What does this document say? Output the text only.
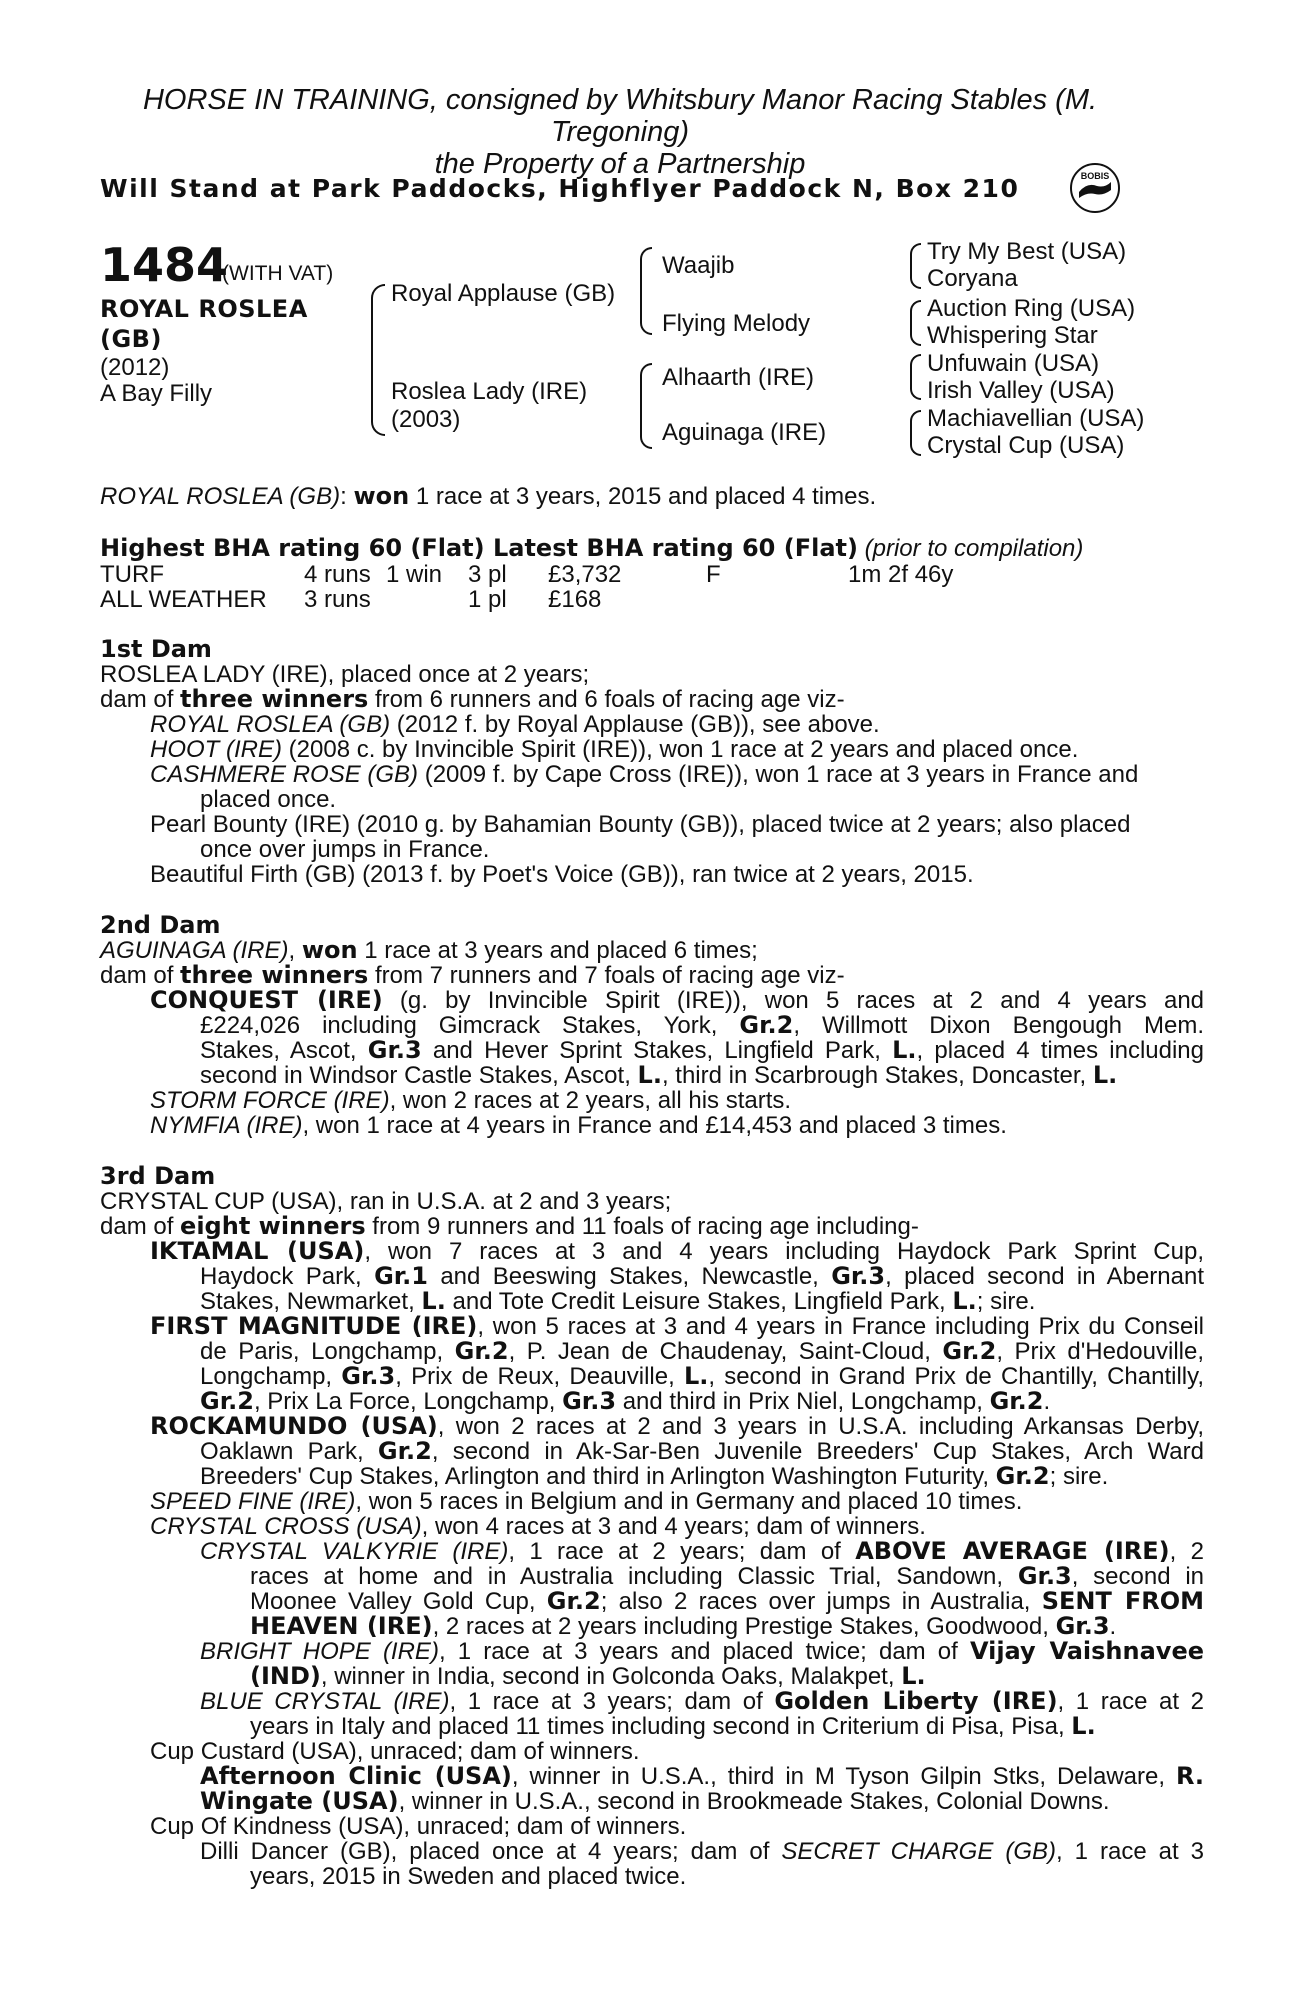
HORSE IN TRAINING, consigned by Whitsbury Manor Racing Stables (M.
Tregoning)
the Property of a Partnership
Will Stand at Park Paddocks, Highflyer Paddock N, Box 210	BOBIS
1484
(WITH VAT)
ROYAL ROSLEA
(GB)
(2012)
A Bay Filly
Royal Applause (GB)
Roslea Lady (IRE)
(2003)
Waajib
Flying Melody
Alhaarth (IRE)
Aguinaga (IRE)
Try My Best (USA)
Coryana
Auction Ring (USA)
Whispering Star
Unfuwain (USA)
Irish Valley (USA)
Machiavellian (USA)
Crystal Cup (USA)
ROYAL ROSLEA (GB): won 1 race at 3 years, 2015 and placed 4 times.
Highest BHA rating 60 (Flat) Latest BHA rating 60 (Flat) (prior to compilation)
TURF	4 runs 1 win 3 pl £3,732	F	1m 2f 46y
ALL WEATHER 3 runs	1 pl £168
1st Dam
ROSLEA LADY (IRE), placed once at 2 years;
dam of three winners from 6 runners and 6 foals of racing age viz-
ROYAL ROSLEA (GB) (2012 f. by Royal Applause (GB)), see above.
HOOT (IRE) (2008 c. by Invincible Spirit (IRE)), won 1 race at 2 years and placed once.
CASHMERE ROSE (GB) (2009 f. by Cape Cross (IRE)), won 1 race at 3 years in France and
placed once.
Pearl Bounty (IRE) (2010 g. by Bahamian Bounty (GB)), placed twice at 2 years; also placed
once over jumps in France.
Beautiful Firth (GB) (2013 f. by Poet's Voice (GB)), ran twice at 2 years, 2015.
2nd Dam
AGUINAGA (IRE), won 1 race at 3 years and placed 6 times;
dam of three winners from 7 runners and 7 foals of racing age viz-
CONQUEST (IRE) (g. by Invincible Spirit (IRE)), won 5 races at 2 and 4 years and
£224,026 including Gimcrack Stakes, York, Gr.2, Willmott Dixon Bengough Mem.
Stakes, Ascot, Gr.3 and Hever Sprint Stakes, Lingfield Park, L., placed 4 times including
second in Windsor Castle Stakes, Ascot, L., third in Scarbrough Stakes, Doncaster, L.
STORM FORCE (IRE), won 2 races at 2 years, all his starts.
NYMFIA (IRE), won 1 race at 4 years in France and £14,453 and placed 3 times.
3rd Dam
CRYSTAL CUP (USA), ran in U.S.A. at 2 and 3 years;
dam of eight winners from 9 runners and 11 foals of racing age including-
IKTAMAL (USA), won 7 races at 3 and 4 years including Haydock Park Sprint Cup,
Haydock Park, Gr.1 and Beeswing Stakes, Newcastle, Gr.3, placed second in Abernant
Stakes, Newmarket, L. and Tote Credit Leisure Stakes, Lingfield Park, L.; sire.
FIRST MAGNITUDE (IRE), won 5 races at 3 and 4 years in France including Prix du Conseil
de Paris, Longchamp, Gr.2, P. Jean de Chaudenay, Saint-Cloud, Gr.2, Prix d'Hedouville,
Longchamp, Gr.3, Prix de Reux, Deauville, L., second in Grand Prix de Chantilly, Chantilly,
Gr.2, Prix La Force, Longchamp, Gr.3 and third in Prix Niel, Longchamp, Gr.2.
ROCKAMUNDO (USA), won 2 races at 2 and 3 years in U.S.A. including Arkansas Derby,
Oaklawn Park, Gr.2, second in Ak-Sar-Ben Juvenile Breeders' Cup Stakes, Arch Ward
Breeders' Cup Stakes, Arlington and third in Arlington Washington Futurity, Gr.2; sire.
SPEED FINE (IRE), won 5 races in Belgium and in Germany and placed 10 times.
CRYSTAL CROSS (USA), won 4 races at 3 and 4 years; dam of winners.
CRYSTAL VALKYRIE (IRE), 1 race at 2 years; dam of ABOVE AVERAGE (IRE), 2
races at home and in Australia including Classic Trial, Sandown, Gr.3, second in
Moonee Valley Gold Cup, Gr.2; also 2 races over jumps in Australia, SENT FROM
HEAVEN (IRE), 2 races at 2 years including Prestige Stakes, Goodwood, Gr.3.
BRIGHT HOPE (IRE), 1 race at 3 years and placed twice; dam of Vijay Vaishnavee
(IND), winner in India, second in Golconda Oaks, Malakpet, L.
BLUE CRYSTAL (IRE), 1 race at 3 years; dam of Golden Liberty (IRE), 1 race at 2
years in Italy and placed 11 times including second in Criterium di Pisa, Pisa, L.
Cup Custard (USA), unraced; dam of winners.
Afternoon Clinic (USA), winner in U.S.A., third in M Tyson Gilpin Stks, Delaware, R.
Wingate (USA), winner in U.S.A., second in Brookmeade Stakes, Colonial Downs.
Cup Of Kindness (USA), unraced; dam of winners.
Dilli Dancer (GB), placed once at 4 years; dam of SECRET CHARGE (GB), 1 race at 3
years, 2015 in Sweden and placed twice.
